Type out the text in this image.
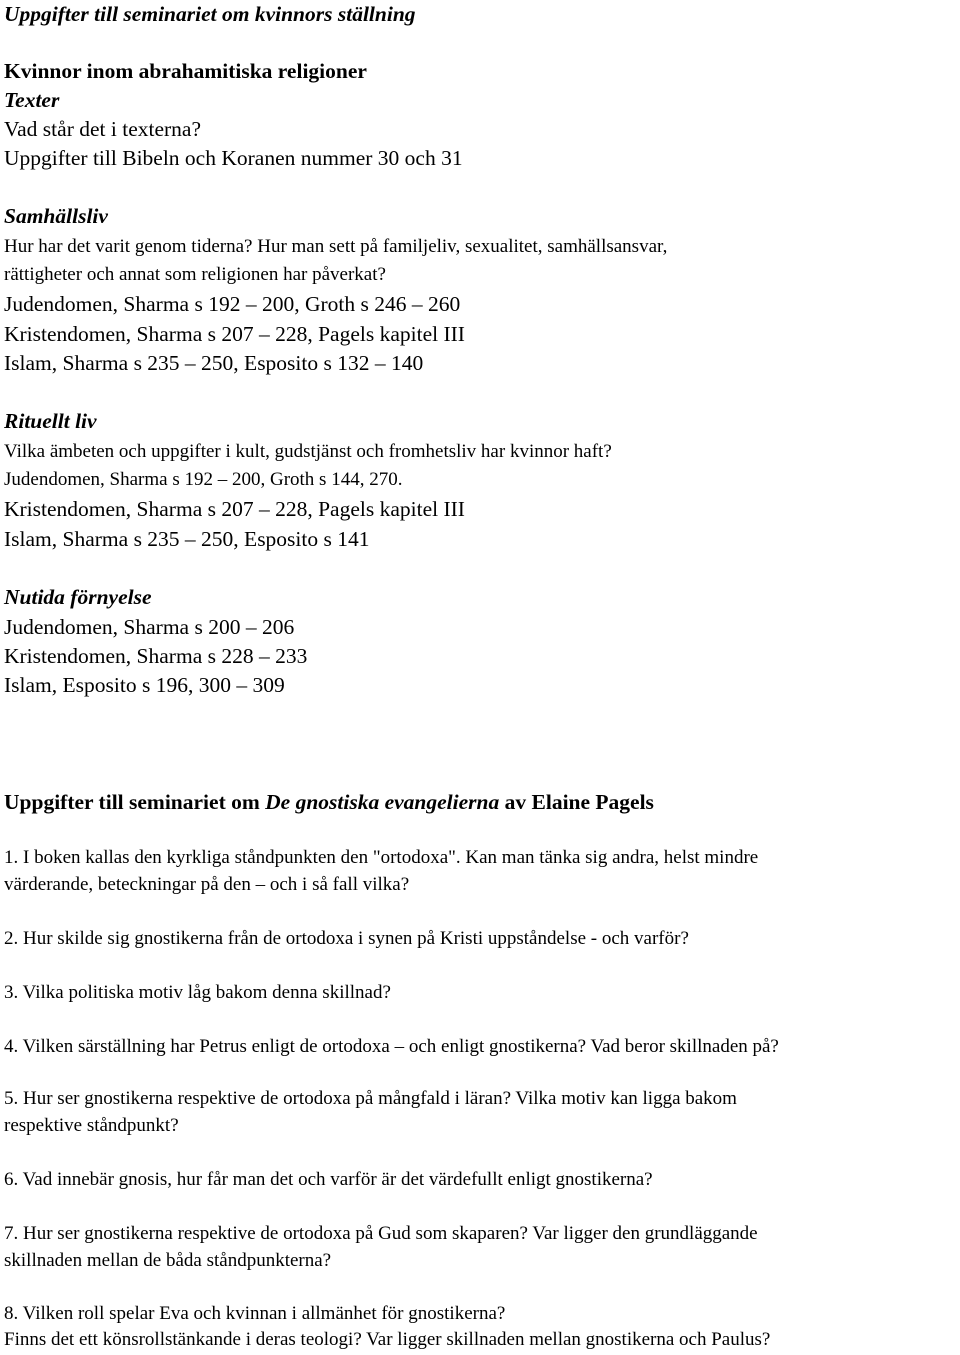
Uppgifter till seminariet om kvinnors ställning
Kvinnor inom abrahamitiska religioner
Texter
Vad står det i texterna?
Uppgifter till Bibeln och Koranen nummer 30 och 31
Samhällsliv
Hur har det varit genom tiderna? Hur man sett på familjeliv, sexualitet, samhällsansvar,
rättigheter och annat som religionen har påverkat?
Judendomen, Sharma s 192 – 200, Groth s 246 – 260
Kristendomen, Sharma s 207 – 228, Pagels kapitel III
Islam, Sharma s 235 – 250, Esposito s 132 – 140
Rituellt liv
Vilka ämbeten och uppgifter i kult, gudstjänst och fromhetsliv har kvinnor haft?
Judendomen, Sharma s 192 – 200, Groth s 144, 270.
Kristendomen, Sharma s 207 – 228, Pagels kapitel III
Islam, Sharma s 235 – 250, Esposito s 141
Nutida förnyelse
Judendomen, Sharma s 200 – 206
Kristendomen, Sharma s 228 – 233
Islam, Esposito s 196, 300 – 309
Uppgifter till seminariet om De gnostiska evangelierna av Elaine Pagels
1. I boken kallas den kyrkliga ståndpunkten den "ortodoxa". Kan man tänka sig andra, helst mindre
värderande, beteckningar på den – och i så fall vilka?
2. Hur skilde sig gnostikerna från de ortodoxa i synen på Kristi uppståndelse - och varför?
3. Vilka politiska motiv låg bakom denna skillnad?
4. Vilken särställning har Petrus enligt de ortodoxa – och enligt gnostikerna? Vad beror skillnaden på?
5. Hur ser gnostikerna respektive de ortodoxa på mångfald i läran? Vilka motiv kan ligga bakom
respektive ståndpunkt?
6. Vad innebär gnosis, hur får man det och varför är det värdefullt enligt gnostikerna?
7. Hur ser gnostikerna respektive de ortodoxa på Gud som skaparen? Var ligger den grundläggande
skillnaden mellan de båda ståndpunkterna?
8. Vilken roll spelar Eva och kvinnan i allmänhet för gnostikerna?
Finns det ett könsrollstänkande i deras teologi? Var ligger skillnaden mellan gnostikerna och Paulus?
